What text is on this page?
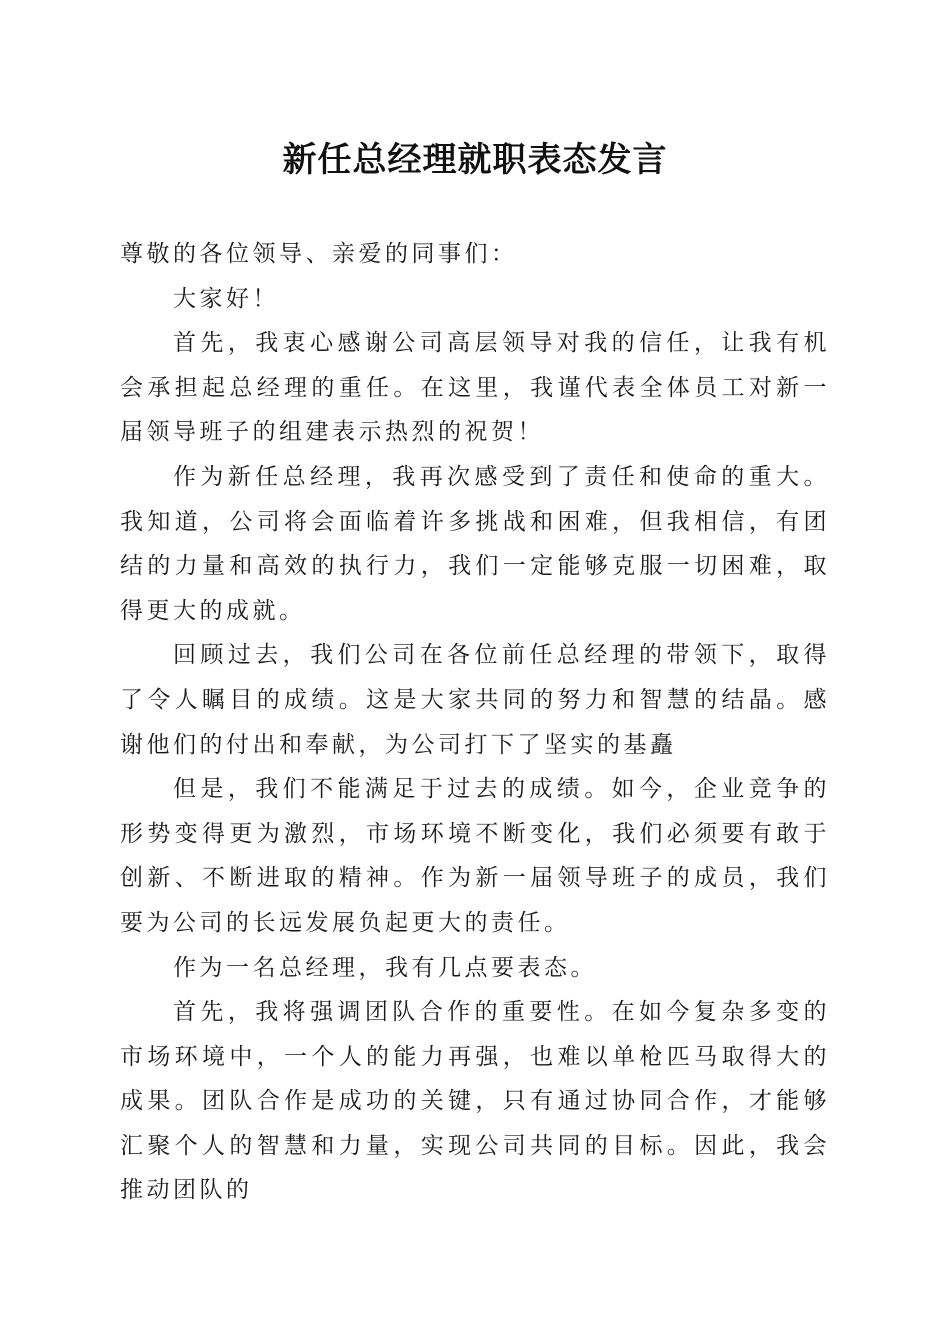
新任总经理就职表态发言

尊敬的各位领导、亲爱的同事们：

大家好！

首先，我衷心感谢公司高层领导对我的信任，让我有机会承担起总经理的重任。在这里，我谨代表全体员工对新一届领导班子的组建表示热烈的祝贺！

作为新任总经理，我再次感受到了责任和使命的重大。我知道，公司将会面临着许多挑战和困难，但我相信，有团结的力量和高效的执行力，我们一定能够克服一切困难，取得更大的成就。

回顾过去，我们公司在各位前任总经理的带领下，取得了令人瞩目的成绩。这是大家共同的努力和智慧的结晶。感谢他们的付出和奉献，为公司打下了坚实的基矗

但是，我们不能满足于过去的成绩。如今，企业竞争的形势变得更为激烈，市场环境不断变化，我们必须要有敢于创新、不断进取的精神。作为新一届领导班子的成员，我们要为公司的长远发展负起更大的责任。

作为一名总经理，我有几点要表态。

首先，我将强调团队合作的重要性。在如今复杂多变的市场环境中，一个人的能力再强，也难以单枪匹马取得大的成果。团队合作是成功的关键，只有通过协同合作，才能够汇聚个人的智慧和力量，实现公司共同的目标。因此，我会推动团队的
